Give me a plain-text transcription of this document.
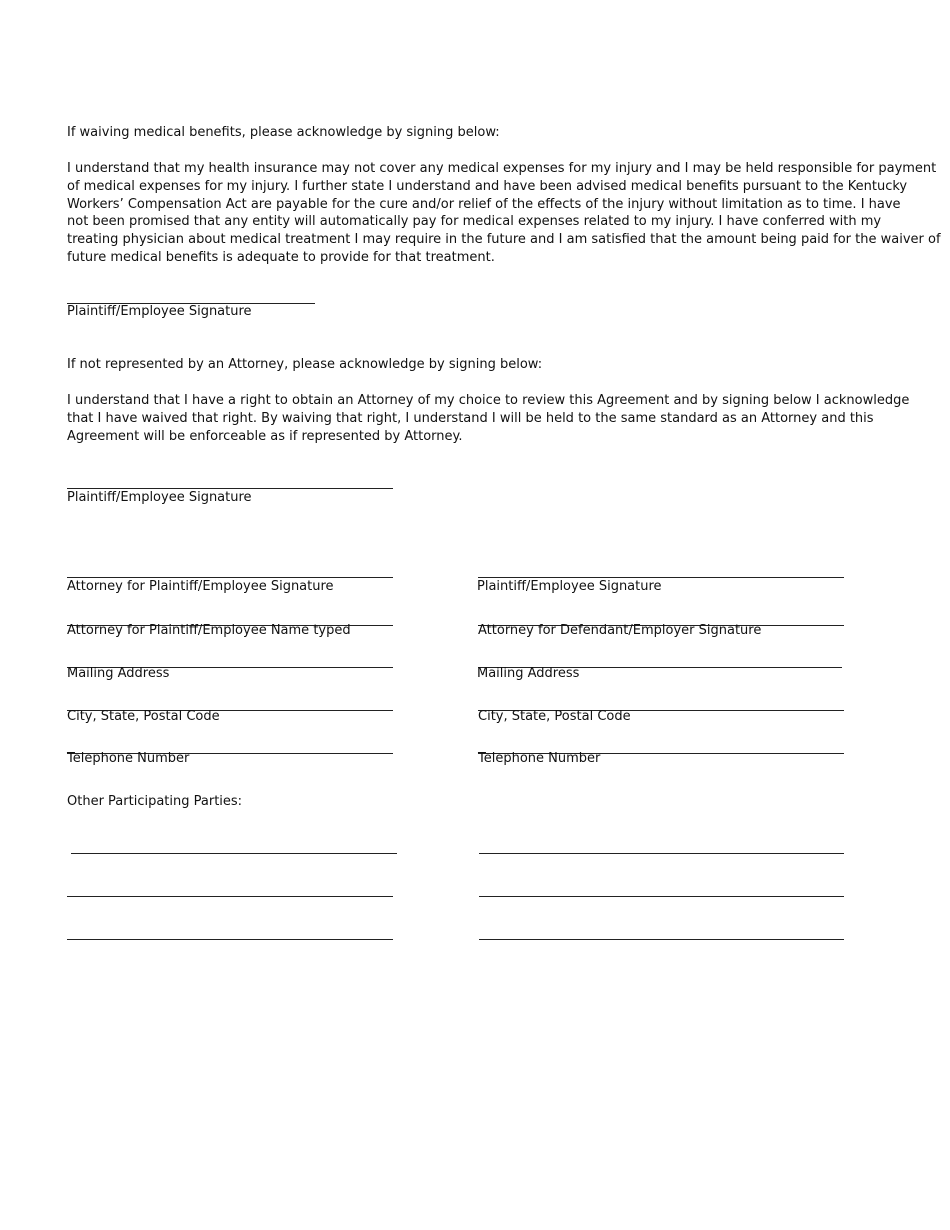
If waiving medical benefits, please acknowledge by signing below:
I understand that my health insurance may not cover any medical expenses for my injury and I may be held responsible for payment
of medical expenses for my injury. I further state I understand and have been advised medical benefits pursuant to the Kentucky
Workers’ Compensation Act are payable for the cure and/or relief of the effects of the injury without limitation as to time. I have
not been promised that any entity will automatically pay for medical expenses related to my injury. I have conferred with my
treating physician about medical treatment I may require in the future and I am satisfied that the amount being paid for the waiver of
future medical benefits is adequate to provide for that treatment.
Plaintiff/Employee Signature
If not represented by an Attorney, please acknowledge by signing below:
I understand that I have a right to obtain an Attorney of my choice to review this Agreement and by signing below I acknowledge
that I have waived that right. By waiving that right, I understand I will be held to the same standard as an Attorney and this
Agreement will be enforceable as if represented by Attorney.
Plaintiff/Employee Signature
Attorney for Plaintiff/Employee Signature
Attorney for Plaintiff/Employee Name typed
Mailing Address
City, State, Postal Code
Telephone Number
Plaintiff/Employee Signature
Attorney for Defendant/Employer Signature
Mailing Address
City, State, Postal Code
Telephone Number
Other Participating Parties:
